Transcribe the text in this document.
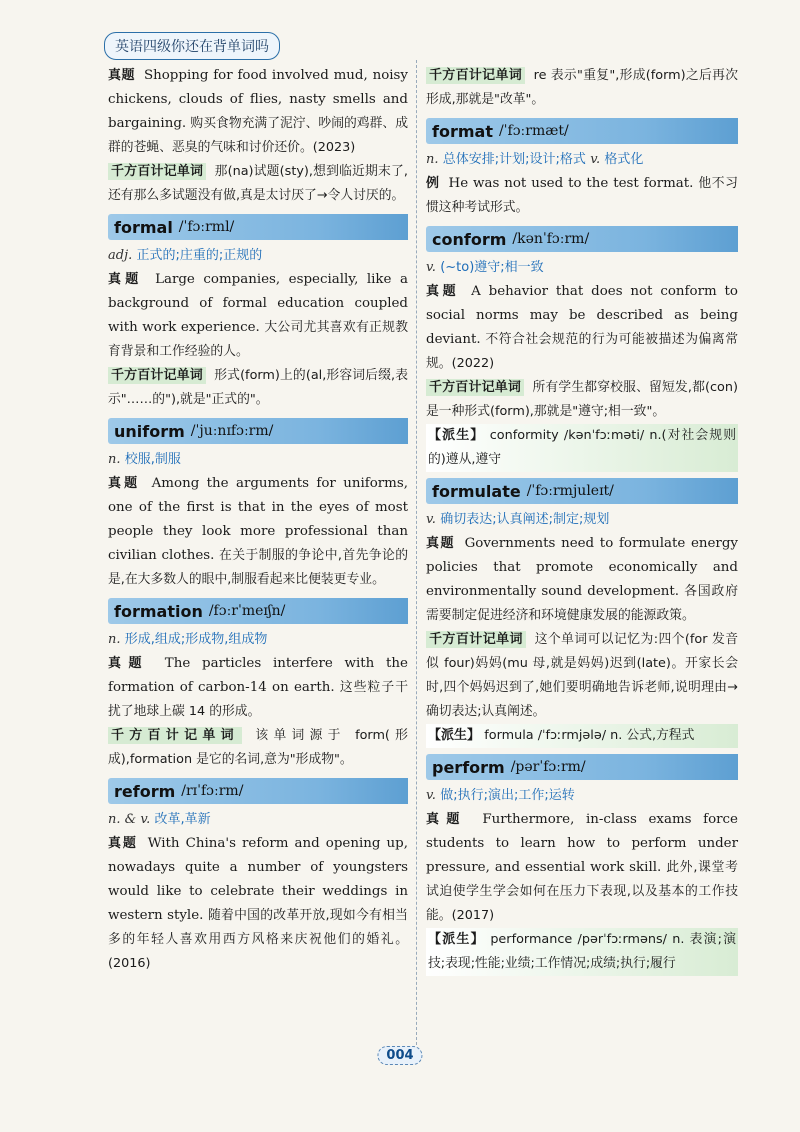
英语四级你还在背单词吗
真题 Shopping for food involved mud, noisy chickens, clouds of flies, nasty smells and bargaining. 购买食物充满了泥泞、吵闹的鸡群、成群的苍蝇、恶臭的气味和讨价还价。(2023)
千方百计记单词 那(na)试题(sty),想到临近期末了,还有那么多试题没有做,真是太讨厌了→令人讨厌的。
formal /ˈfɔːrml/
adj. 正式的;庄重的;正规的
真题 Large companies, especially, like a background of formal education coupled with work experience. 大公司尤其喜欢有正规教育背景和工作经验的人。
千方百计记单词 形式(form)上的(al,形容词后缀,表示"……的"),就是"正式的"。
uniform /ˈjuːnɪfɔːrm/
n. 校服,制服
真题 Among the arguments for uniforms, one of the first is that in the eyes of most people they look more professional than civilian clothes. 在关于制服的争论中,首先争论的是,在大多数人的眼中,制服看起来比便装更专业。
formation /fɔːrˈmeɪʃn/
n. 形成,组成;形成物,组成物
真题 The particles interfere with the formation of carbon-14 on earth. 这些粒子干扰了地球上碳 14 的形成。
千方百计记单词 该单词源于 form(形成),formation 是它的名词,意为"形成物"。
reform /rɪˈfɔːrm/
n. & v. 改革,革新
真题 With China's reform and opening up, nowadays quite a number of youngsters would like to celebrate their weddings in western style. 随着中国的改革开放,现如今有相当多的年轻人喜欢用西方风格来庆祝他们的婚礼。(2016)
千方百计记单词 re 表示"重复",形成(form)之后再次形成,那就是"改革"。
format /ˈfɔːrmæt/
n. 总体安排;计划;设计;格式 v. 格式化
例 He was not used to the test format. 他不习惯这种考试形式。
conform /kənˈfɔːrm/
v. (~to)遵守;相一致
真题 A behavior that does not conform to social norms may be described as being deviant. 不符合社会规范的行为可能被描述为偏离常规。(2022)
千方百计记单词 所有学生都穿校服、留短发,都(con)是一种形式(form),那就是"遵守;相一致"。
【派生】 conformity /kənˈfɔːməti/ n.(对社会规则的)遵从,遵守
formulate /ˈfɔːrmjuleɪt/
v. 确切表达;认真阐述;制定;规划
真题 Governments need to formulate energy policies that promote economically and environmentally sound development. 各国政府需要制定促进经济和环境健康发展的能源政策。
千方百计记单词 这个单词可以记忆为:四个(for 发音似 four)妈妈(mu 母,就是妈妈)迟到(late)。开家长会时,四个妈妈迟到了,她们要明确地告诉老师,说明理由→确切表达;认真阐述。
【派生】 formula /ˈfɔːrmjələ/ n. 公式,方程式
perform /pərˈfɔːrm/
v. 做;执行;演出;工作;运转
真题 Furthermore, in-class exams force students to learn how to perform under pressure, and essential work skill. 此外,课堂考试迫使学生学会如何在压力下表现,以及基本的工作技能。(2017)
【派生】 performance /pərˈfɔːrməns/ n. 表演;演技;表现;性能;业绩;工作情况;成绩;执行;履行
004
